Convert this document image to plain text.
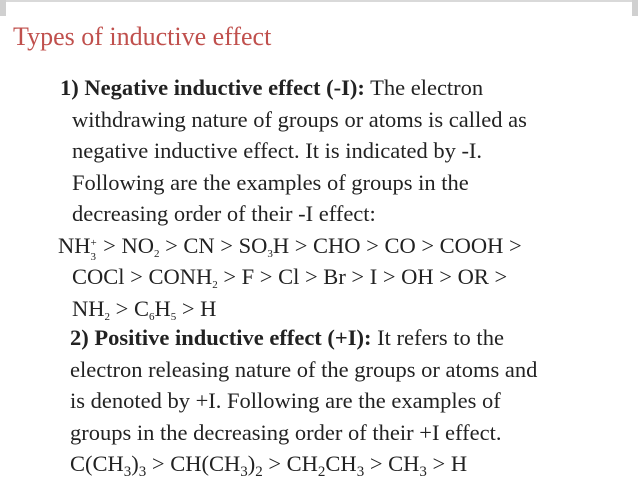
Types of inductive effect
1) Negative inductive effect (-I): The electron
withdrawing nature of groups or atoms is called as
negative inductive effect. It is indicated by -I.
Following are the examples of groups in the
decreasing order of their -I effect:
NH +
$3 > NO_2$ > CN > $SO_3H$ > CHO > CO > COOH >
COCl > $CONH_2 > F > Cl > Br > I$ > OH > OR >
$NH_2 > C_6H_5 > H$
2) Positive inductive effect (+I): It refers to the
electron releasing nature of the groups or atoms and
is denoted by +I. Following are the examples of
groups in the decreasing order of their +I effect.
$C(CH_3)_3 > CH(CH_3)_2 > CH_2CH_3 > CH_3 > H$
